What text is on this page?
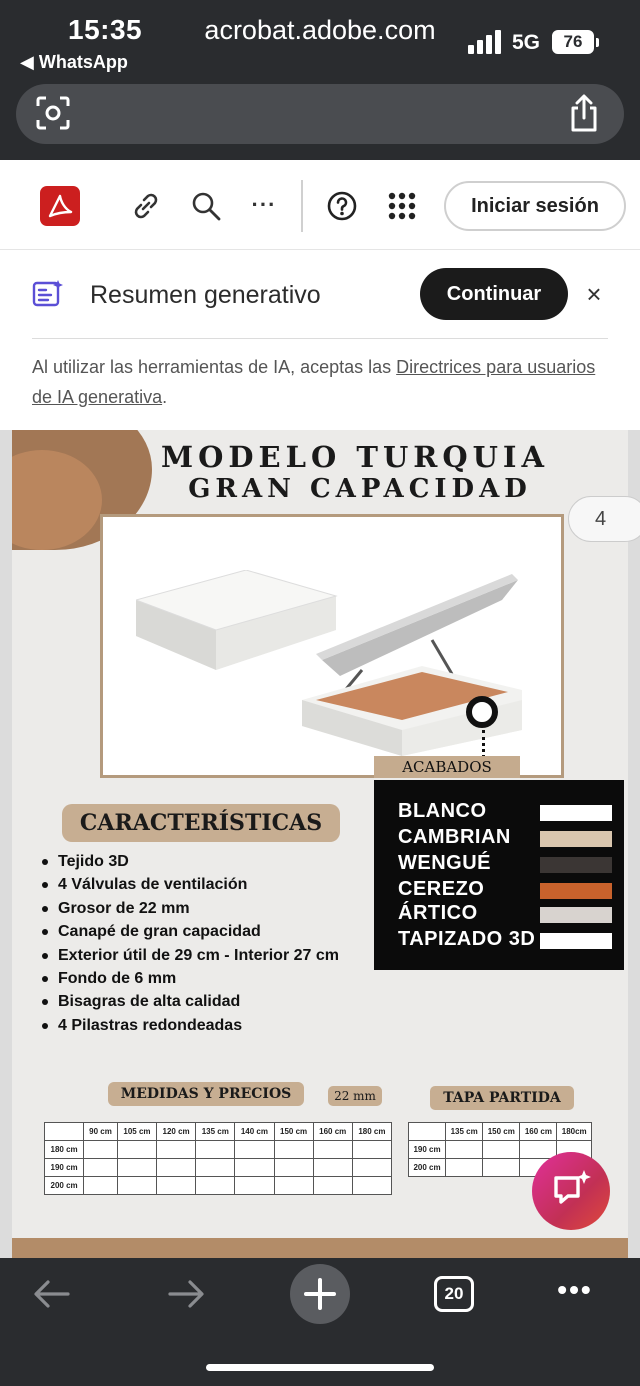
15:35
◀ WhatsApp
5G	76
acrobat.adobe.com
···	Iniciar sesión
Resumen generativo	Continuar	×
Al utilizar las herramientas de IA, aceptas las Directrices para usuarios de IA generativa.
MODELO TURQUIA
GRAN CAPACIDAD
ACABADOS
BLANCO
CAMBRIAN
WENGUÉ
CEREZO
ÁRTICO
TAPIZADO 3D
CARACTERÍSTICAS
Tejido 3D
4 Válvulas de ventilación
Grosor de 22 mm
Canapé de gran capacidad
Exterior útil de 29 cm - Interior 27 cm
Fondo de 6 mm
Bisagras de alta calidad
4 Pilastras redondeadas
MEDIDAS Y PRECIOS	22 mm	TAPA PARTIDA
	90 cm	105 cm	120 cm	135 cm	140 cm	150 cm	160 cm	180 cm
180 cm								
190 cm								
200 cm								
	135 cm	150 cm	160 cm	180cm
190 cm				
200 cm				
4
20	•••
